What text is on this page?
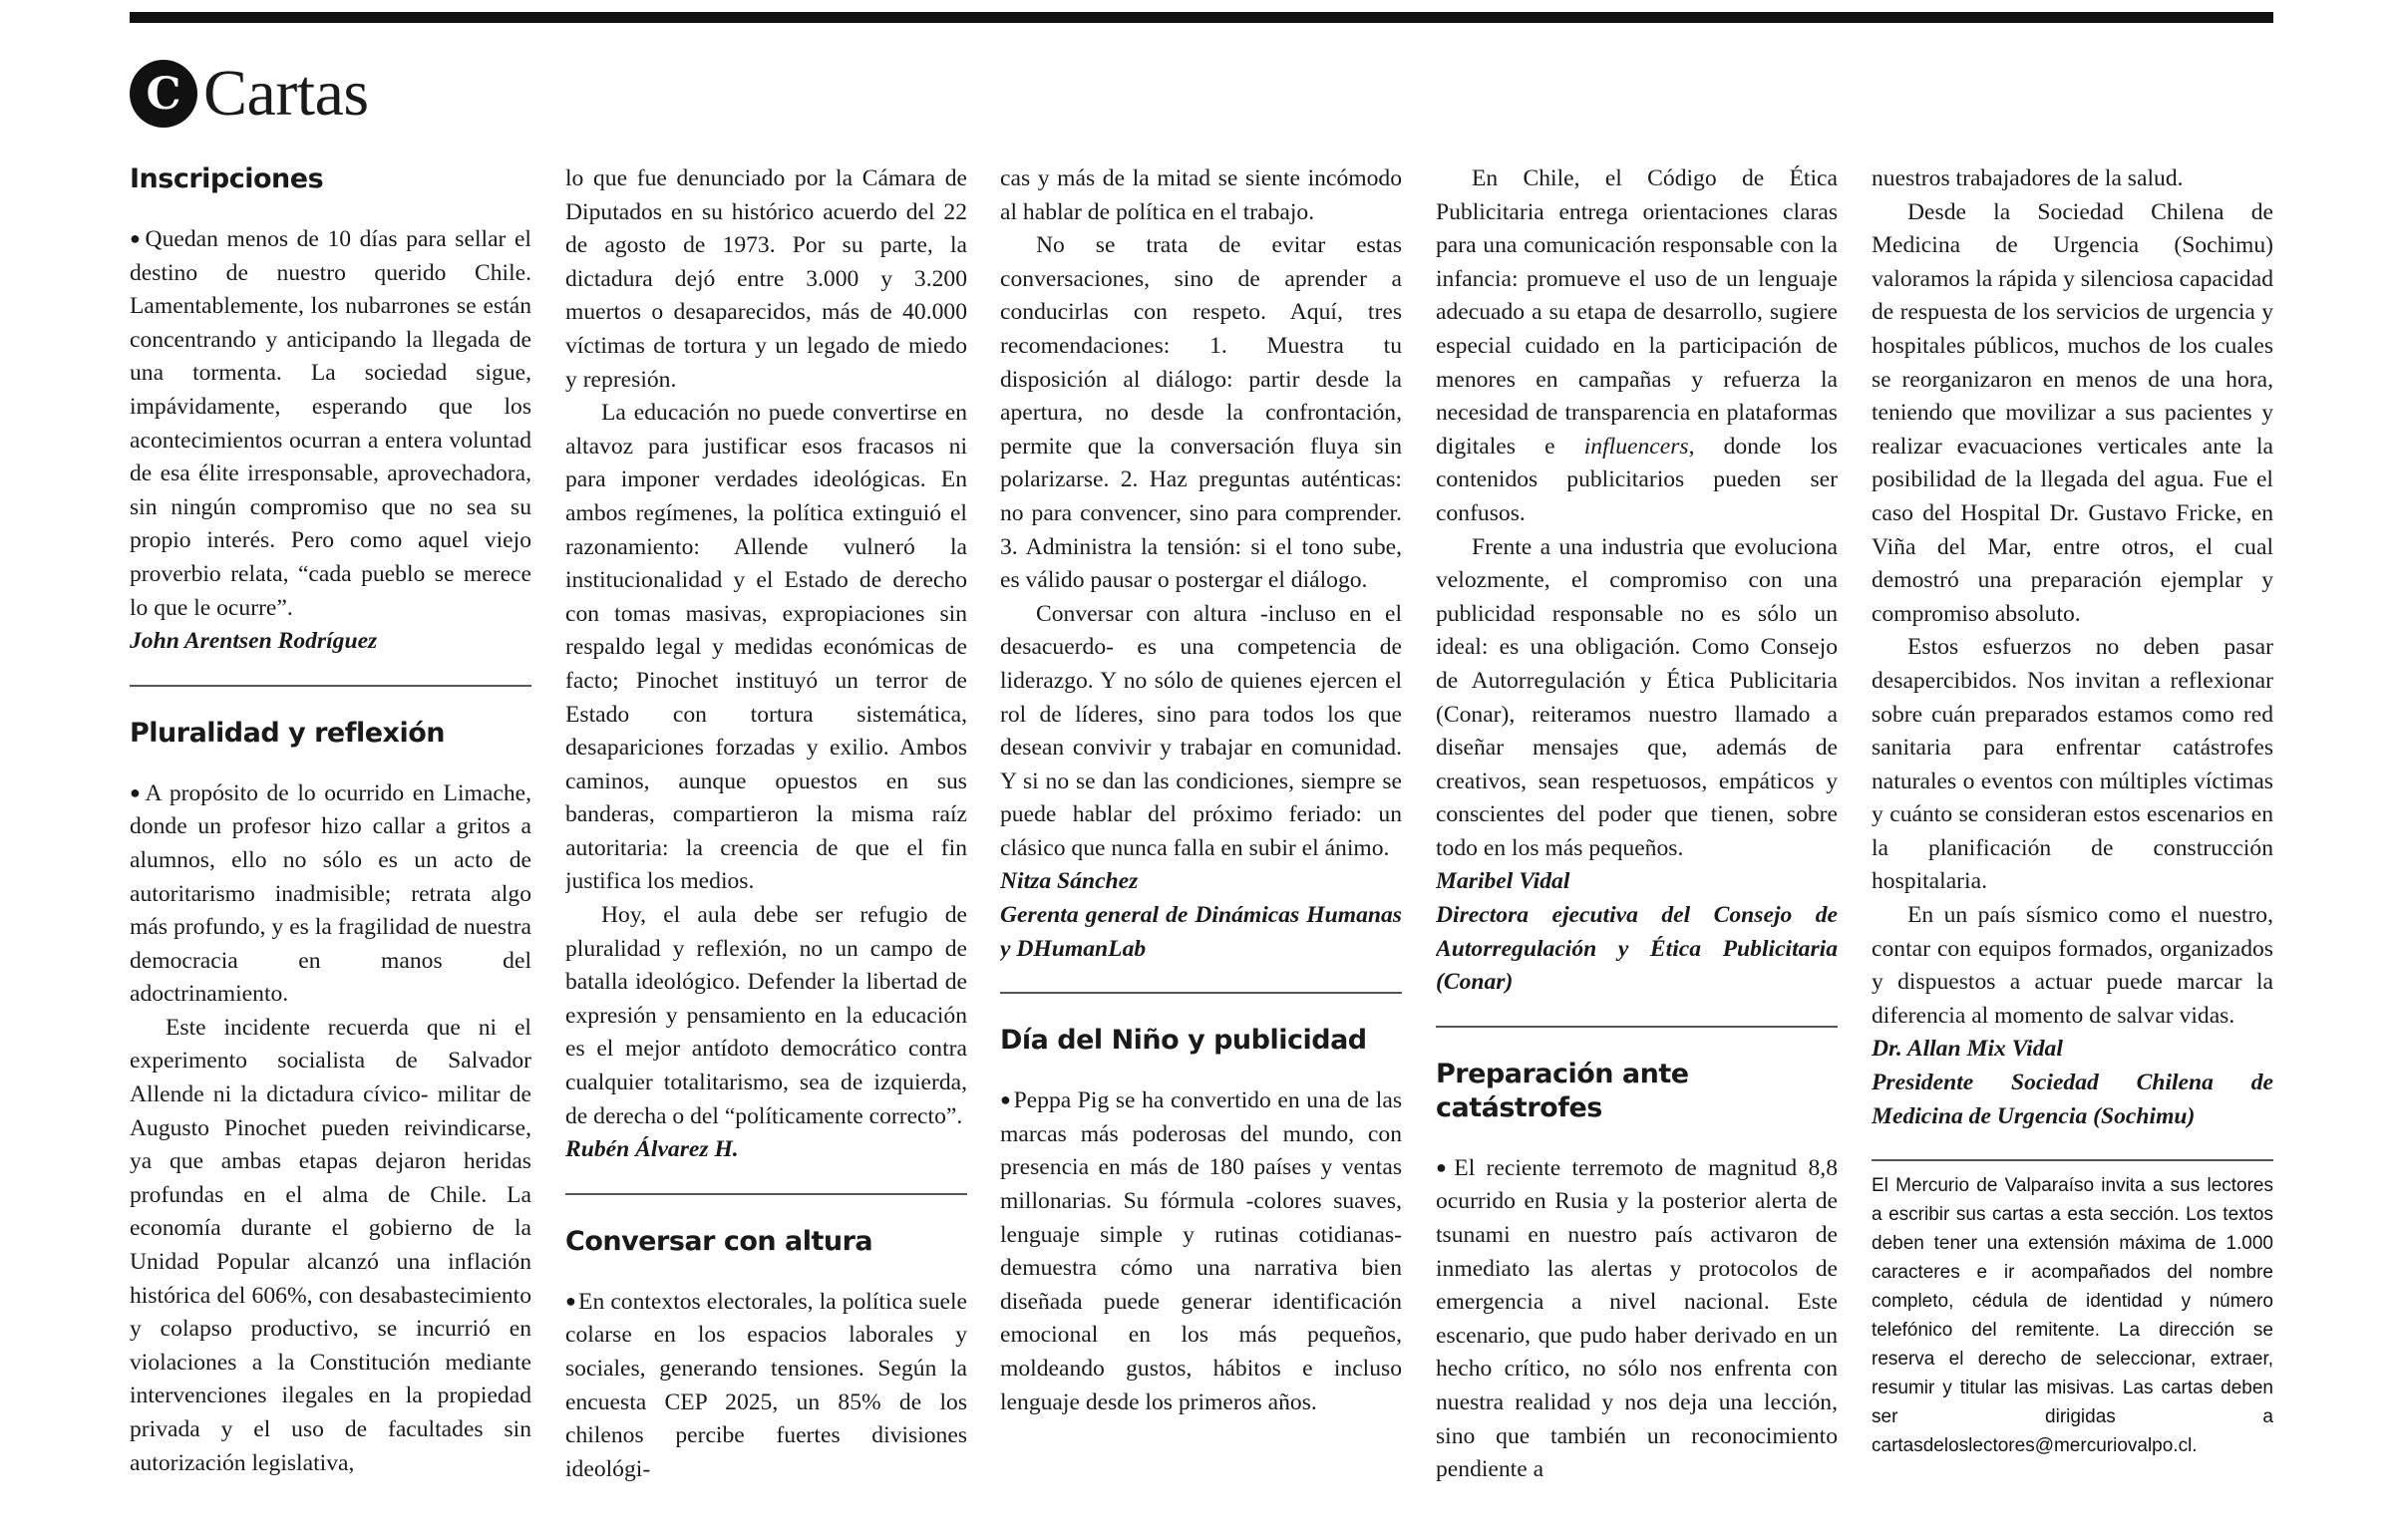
C Cartas
Inscripciones

● Quedan menos de 10 días para sellar el destino de nuestro querido Chile. Lamentablemente, los nubarrones se están concentrando y anticipando la llegada de una tormenta. La sociedad sigue, impávidamente, esperando que los acontecimientos ocurran a entera voluntad de esa élite irresponsable, aprovechadora, sin ningún compromiso que no sea su propio interés. Pero como aquel viejo proverbio relata, “cada pueblo se merece lo que le ocurre”.

John Arentsen Rodríguez

Pluralidad y reflexión

● A propósito de lo ocurrido en Limache, donde un profesor hizo callar a gritos a alumnos, ello no sólo es un acto de autoritarismo inadmisible; retrata algo más profundo, y es la fragilidad de nuestra democracia en manos del adoctrinamiento.

Este incidente recuerda que ni el experimento socialista de Salvador Allende ni la dictadura cívico- militar de Augusto Pinochet pueden reivindicarse, ya que ambas etapas dejaron heridas profundas en el alma de Chile. La economía durante el gobierno de la Unidad Popular alcanzó una inflación histórica del 606%, con desabastecimiento y colapso productivo, se incurrió en violaciones a la Constitución mediante intervenciones ilegales en la propiedad privada y el uso de facultades sin autorización legislativa,

lo que fue denunciado por la Cámara de Diputados en su histórico acuerdo del 22 de agosto de 1973. Por su parte, la dictadura dejó entre 3.000 y 3.200 muertos o desaparecidos, más de 40.000 víctimas de tortura y un legado de miedo y represión.

La educación no puede convertirse en altavoz para justificar esos fracasos ni para imponer verdades ideológicas. En ambos regímenes, la política extinguió el razonamiento: Allende vulneró la institucionalidad y el Estado de derecho con tomas masivas, expropiaciones sin respaldo legal y medidas económicas de facto; Pinochet instituyó un terror de Estado con tortura sistemática, desapariciones forzadas y exilio. Ambos caminos, aunque opuestos en sus banderas, compartieron la misma raíz autoritaria: la creencia de que el fin justifica los medios.

Hoy, el aula debe ser refugio de pluralidad y reflexión, no un campo de batalla ideológico. Defender la libertad de expresión y pensamiento en la educación es el mejor antídoto democrático contra cualquier totalitarismo, sea de izquierda, de derecha o del “políticamente correcto”.

Rubén Álvarez H.

Conversar con altura

● En contextos electorales, la política suele colarse en los espacios laborales y sociales, generando tensiones. Según la encuesta CEP 2025, un 85% de los chilenos percibe fuertes divisiones ideológi-

cas y más de la mitad se siente incómodo al hablar de política en el trabajo.

No se trata de evitar estas conversaciones, sino de aprender a conducirlas con respeto. Aquí, tres recomendaciones: 1. Muestra tu disposición al diálogo: partir desde la apertura, no desde la confrontación, permite que la conversación fluya sin polarizarse. 2. Haz preguntas auténticas: no para convencer, sino para comprender. 3. Administra la tensión: si el tono sube, es válido pausar o postergar el diálogo.

Conversar con altura -incluso en el desacuerdo- es una competencia de liderazgo. Y no sólo de quienes ejercen el rol de líderes, sino para todos los que desean convivir y trabajar en comunidad. Y si no se dan las condiciones, siempre se puede hablar del próximo feriado: un clásico que nunca falla en subir el ánimo.

Nitza Sánchez

Gerenta general de Dinámicas Humanas y DHumanLab

Día del Niño y publicidad

● Peppa Pig se ha convertido en una de las marcas más poderosas del mundo, con presencia en más de 180 países y ventas millonarias. Su fórmula -colores suaves, lenguaje simple y rutinas cotidianas- demuestra cómo una narrativa bien diseñada puede generar identificación emocional en los más pequeños, moldeando gustos, hábitos e incluso lenguaje desde los primeros años.

En Chile, el Código de Ética Publicitaria entrega orientaciones claras para una comunicación responsable con la infancia: promueve el uso de un lenguaje adecuado a su etapa de desarrollo, sugiere especial cuidado en la participación de menores en campañas y refuerza la necesidad de transparencia en plataformas digitales e influencers, donde los contenidos publicitarios pueden ser confusos.

Frente a una industria que evoluciona velozmente, el compromiso con una publicidad responsable no es sólo un ideal: es una obligación. Como Consejo de Autorregulación y Ética Publicitaria (Conar), reiteramos nuestro llamado a diseñar mensajes que, además de creativos, sean respetuosos, empáticos y conscientes del poder que tienen, sobre todo en los más pequeños.

Maribel Vidal

Directora ejecutiva del Consejo de Autorregulación y Ética Publicitaria (Conar)

Preparación ante catástrofes

● El reciente terremoto de magnitud 8,8 ocurrido en Rusia y la posterior alerta de tsunami en nuestro país activaron de inmediato las alertas y protocolos de emergencia a nivel nacional. Este escenario, que pudo haber derivado en un hecho crítico, no sólo nos enfrenta con nuestra realidad y nos deja una lección, sino que también un reconocimiento pendiente a

nuestros trabajadores de la salud.

Desde la Sociedad Chilena de Medicina de Urgencia (Sochimu) valoramos la rápida y silenciosa capacidad de respuesta de los servicios de urgencia y hospitales públicos, muchos de los cuales se reorganizaron en menos de una hora, teniendo que movilizar a sus pacientes y realizar evacuaciones verticales ante la posibilidad de la llegada del agua. Fue el caso del Hospital Dr. Gustavo Fricke, en Viña del Mar, entre otros, el cual demostró una preparación ejemplar y compromiso absoluto.

Estos esfuerzos no deben pasar desapercibidos. Nos invitan a reflexionar sobre cuán preparados estamos como red sanitaria para enfrentar catástrofes naturales o eventos con múltiples víctimas y cuánto se consideran estos escenarios en la planificación de construcción hospitalaria.

En un país sísmico como el nuestro, contar con equipos formados, organizados y dispuestos a actuar puede marcar la diferencia al momento de salvar vidas.

Dr. Allan Mix Vidal

Presidente Sociedad Chilena de Medicina de Urgencia (Sochimu)

El Mercurio de Valparaíso invita a sus lectores a escribir sus cartas a esta sección. Los textos deben tener una extensión máxima de 1.000 caracteres e ir acompañados del nombre completo, cédula de identidad y número telefónico del remitente. La dirección se reserva el derecho de seleccionar, extraer, resumir y titular las misivas. Las cartas deben ser dirigidas a cartasdeloslectores@mercuriovalpo.cl.
